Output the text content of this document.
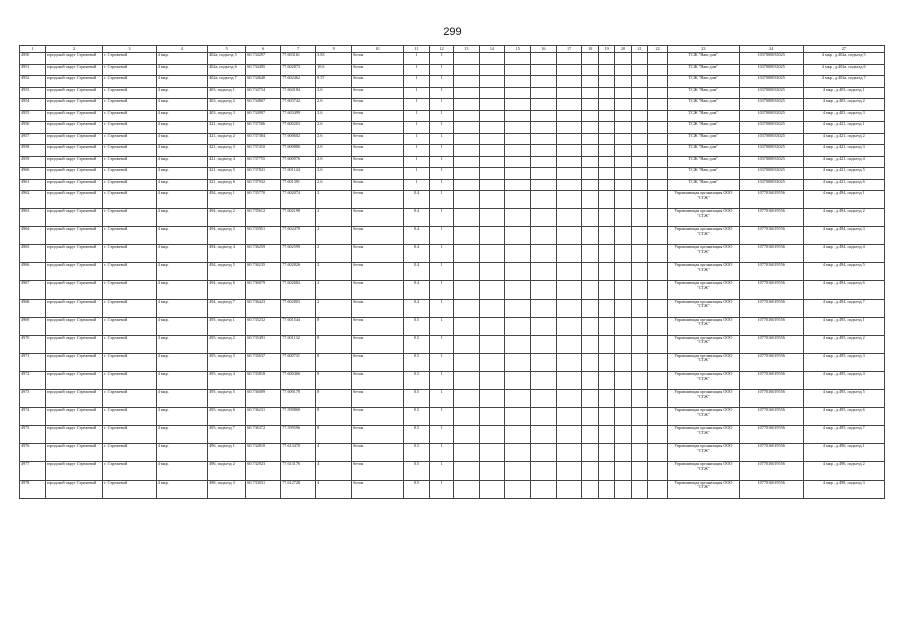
299
1	2	3	4	5	6	7	9	10	11	12	13	14	15	16	17	18	19	20	21	22	23	24	27
4950	городской округ Стрежевой	г. Стрежевой	4 мкр.	402а, подъезд 5	60.734297	77.603161	3.83	бетон	1	1											ТСЖ "Наш дом"	1037000033025	4 мкр , д.402а, подъезд 5
4951	городской округ Стрежевой	г. Стрежевой	4 мкр.	402а, подъезд 6	60.734495	77.602873	10.6	бетон	1	1											ТСЖ "Наш дом"	1037000033025	4 мкр , д.402а, подъезд 6
4952	городской округ Стрежевой	г. Стрежевой	4 мкр.	402а, подъезд 7	60.734640	77.602462	9.57	бетон	1	1											ТСЖ "Наш дом"	1037000033025	4 мкр , д.402а, подъезд 7
4953	городской округ Стрежевой	г. Стрежевой	4 мкр.	403, подъезд 1	60.734754	77.604184	2.6	бетон	1	1											ТСЖ "Наш дом"	1037000033025	4 мкр , д.403, подъезд 1
4954	городской округ Стрежевой	г. Стрежевой	4 мкр.	403, подъезд 2	60.734867	77.603742	2.6	бетон	1	1											ТСЖ "Наш дом"	1037000033025	4 мкр , д.403, подъезд 2
4955	городской округ Стрежевой	г. Стрежевой	4 мкр.	403, подъезд 3	60.734997	77.603499	2.6	бетон	1	1											ТСЖ "Наш дом"	1037000033025	4 мкр , д.403, подъезд 3
4956	городской округ Стрежевой	г. Стрежевой	4 мкр.	421, подъезд 1	60.737506	77.600203	2.6	бетон	1	1											ТСЖ "Наш дом"	1037000033025	4 мкр , д.421, подъезд 1
4957	городской округ Стрежевой	г. Стрежевой	4 мкр.	421, подъезд 2	60.737384	77.600602	2.6	бетон	1	1											ТСЖ "Наш дом"	1037000033025	4 мкр , д.421, подъезд 2
4958	городской округ Стрежевой	г. Стрежевой	4 мкр.	421, подъезд 3	60.737410	77.600886	2.6	бетон	1	1											ТСЖ "Наш дом"	1037000033025	4 мкр , д.421, подъезд 3
4959	городской округ Стрежевой	г. Стрежевой	4 мкр.	421, подъезд 4	60.737755	77.600976	2.6	бетон	1	1											ТСЖ "Наш дом"	1037000033025	4 мкр , д.421, подъезд 4
4960	городской округ Стрежевой	г. Стрежевой	4 мкр.	421, подъезд 5	60.737841	77.601144	2.6	бетон	1	1											ТСЖ "Наш дом"	1037000033025	4 мкр , д.421, подъезд 5
4961	городской округ Стрежевой	г. Стрежевой	4 мкр.	421, подъезд 6	60.737932	77.601391	2.6	бетон	1	1											ТСЖ "Наш дом"	1037000033025	4 мкр , д.421, подъезд 6
4962	городской округ Стрежевой	г. Стрежевой	4 мкр.	494, подъезд 1	60.735770	77.602074	2	бетон	0.4	1											Управляющая организация ООО "СТЖ"	1077016019556	4 мкр , д.494, подъезд 1
4963	городской округ Стрежевой	г. Стрежевой	4 мкр.	494, подъезд 2	60.735612	77.602198	2	бетон	0.4	1											Управляющая организация ООО "СТЖ"	1077016019556	4 мкр , д.494, подъезд 2
4964	городской округ Стрежевой	г. Стрежевой	4 мкр.	494, подъезд 3	60.735951	77.602478	2	бетон	0.4	1											Управляющая организация ООО "СТЖ"	1077016019556	4 мкр , д.494, подъезд 3
4965	городской округ Стрежевой	г. Стрежевой	4 мкр.	494, подъезд 4	60.736259	77.602599	2	бетон	0.4	1											Управляющая организация ООО "СТЖ"	1077016019556	4 мкр , д.494, подъезд 4
4966	городской округ Стрежевой	г. Стрежевой	4 мкр.	494, подъезд 5	60.736235	77.602826	2	бетон	0.4	1											Управляющая организация ООО "СТЖ"	1077016019556	4 мкр , д.494, подъезд 5
4967	городской округ Стрежевой	г. Стрежевой	4 мкр.	494, подъезд 6	60.736079	77.602684	2	бетон	0.4	1											Управляющая организация ООО "СТЖ"	1077016019556	4 мкр , д.494, подъезд 6
4968	городской округ Стрежевой	г. Стрежевой	4 мкр.	494, подъезд 7	60.736423	77.602803	2	бетон	0.4	1											Управляющая организация ООО "СТЖ"	1077016019556	4 мкр , д.494, подъезд 7
4969	городской округ Стрежевой	г. Стрежевой	4 мкр.	495, подъезд 1	60.735232	77.601544	8	бетон	0.5	1											Управляющая организация ООО "СТЖ"	1077016019556	4 мкр , д.495, подъезд 1
4970	городской округ Стрежевой	г. Стрежевой	4 мкр.	495, подъезд 2	60.735491	77.601132	8	бетон	0.5	1											Управляющая организация ООО "СТЖ"	1077016019556	4 мкр , д.495, подъезд 2
4971	городской округ Стрежевой	г. Стрежевой	4 мкр.	495, подъезд 3	60.735637	77.600731	8	бетон	0.5	1											Управляющая организация ООО "СТЖ"	1077016019556	4 мкр , д.495, подъезд 3
4972	городской округ Стрежевой	г. Стрежевой	4 мкр.	495, подъезд 4	60.735818	77.600466	8	бетон	0.5	1											Управляющая организация ООО "СТЖ"	1077016019556	4 мкр , д.495, подъезд 4
4973	городской округ Стрежевой	г. Стрежевой	4 мкр.	495, подъезд 5	60.736009	77.600178	8	бетон	0.5	1											Управляющая организация ООО "СТЖ"	1077016019556	4 мкр , д.495, подъезд 5
4974	городской округ Стрежевой	г. Стрежевой	4 мкр.	495, подъезд 6	60.736231	77.599868	8	бетон	0.5	1											Управляющая организация ООО "СТЖ"	1077016019556	4 мкр , д.495, подъезд 6
4975	городской округ Стрежевой	г. Стрежевой	4 мкр.	495, подъезд 7	60.736372	77.599596	8	бетон	0.5	1											Управляющая организация ООО "СТЖ"	1077016019556	4 мкр , д.495, подъезд 7
4976	городской округ Стрежевой	г. Стрежевой	4 мкр.	496, подъезд 1	60.732810	77.613470	4	бетон	0.5	1											Управляющая организация ООО "СТЖ"	1077016019556	4 мкр , д.496, подъезд 1
4977	городской округ Стрежевой	г. Стрежевой	4 мкр.	496, подъезд 2	60.732923	77.613176	4	бетон	0.5	1											Управляющая организация ООО "СТЖ"	1077016019556	4 мкр , д.496, подъезд 2
4978	городской округ Стрежевой	г. Стрежевой	4 мкр.	498, подъезд 3	60.733031	77.612728	4	бетон	0.5	1											Управляющая организация ООО "СТЖ"	1077016019556	4 мкр , д.498, подъезд 3
